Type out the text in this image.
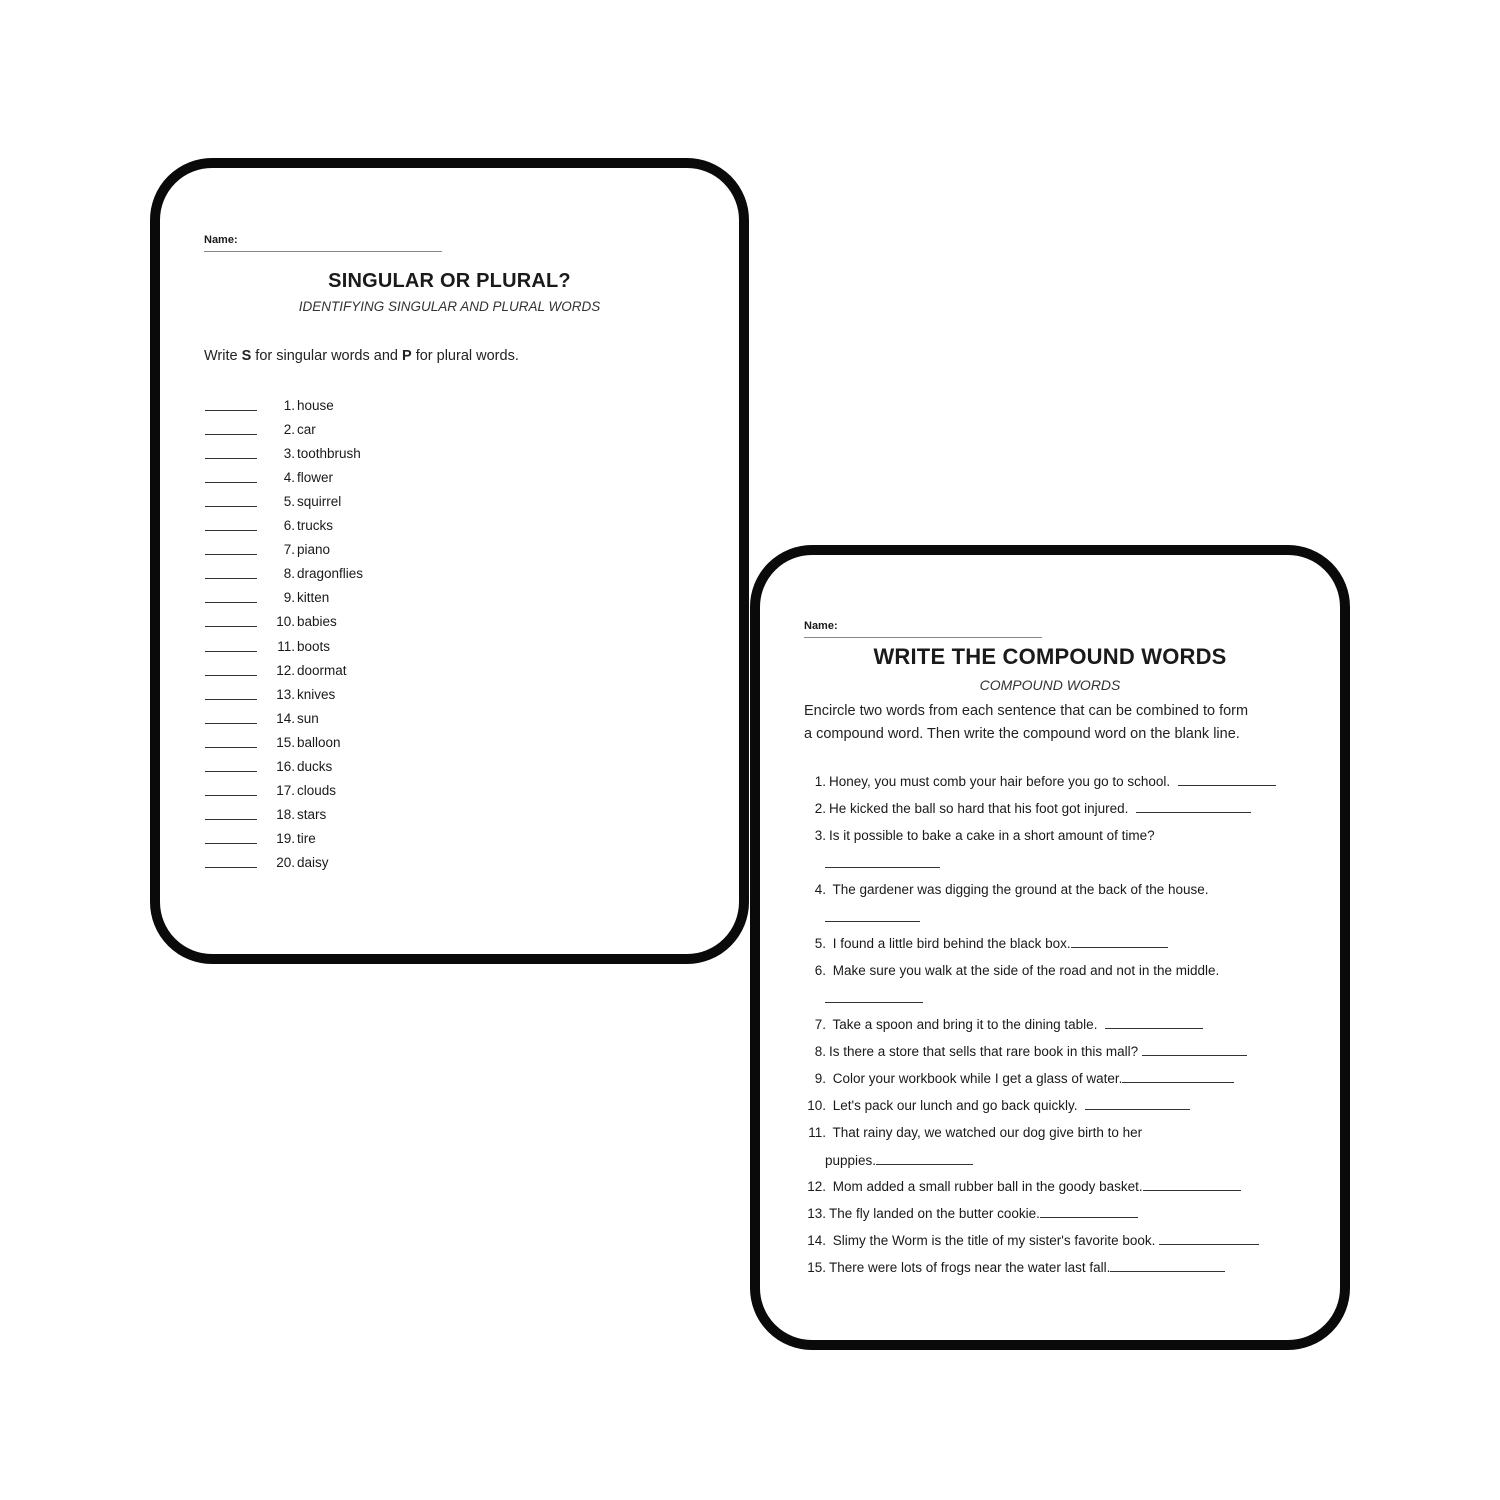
Name:
SINGULAR OR PLURAL?
IDENTIFYING SINGULAR AND PLURAL WORDS
Write S for singular words and P for plural words.
1. house
2. car
3. toothbrush
4. flower
5. squirrel
6. trucks
7. piano
8. dragonflies
9. kitten
10. babies
11. boots
12. doormat
13. knives
14. sun
15. balloon
16. ducks
17. clouds
18. stars
19. tire
20. daisy
Name:
WRITE THE COMPOUND WORDS
COMPOUND WORDS
Encircle two words from each sentence that can be combined to form
a compound word. Then write the compound word on the blank line.
1. Honey, you must comb your hair before you go to school.
2. He kicked the ball so hard that his foot got injured.
3. Is it possible to bake a cake in a short amount of time?
4. The gardener was digging the ground at the back of the house.
5. I found a little bird behind the black box.
6. Make sure you walk at the side of the road and not in the middle.
7. Take a spoon and bring it to the dining table.
8. Is there a store that sells that rare book in this mall?
9. Color your workbook while I get a glass of water.
10. Let's pack our lunch and go back quickly.
11. That rainy day, we watched our dog give birth to her
puppies.
12. Mom added a small rubber ball in the goody basket.
13. The fly landed on the butter cookie.
14. Slimy the Worm is the title of my sister's favorite book.
15. There were lots of frogs near the water last fall.
